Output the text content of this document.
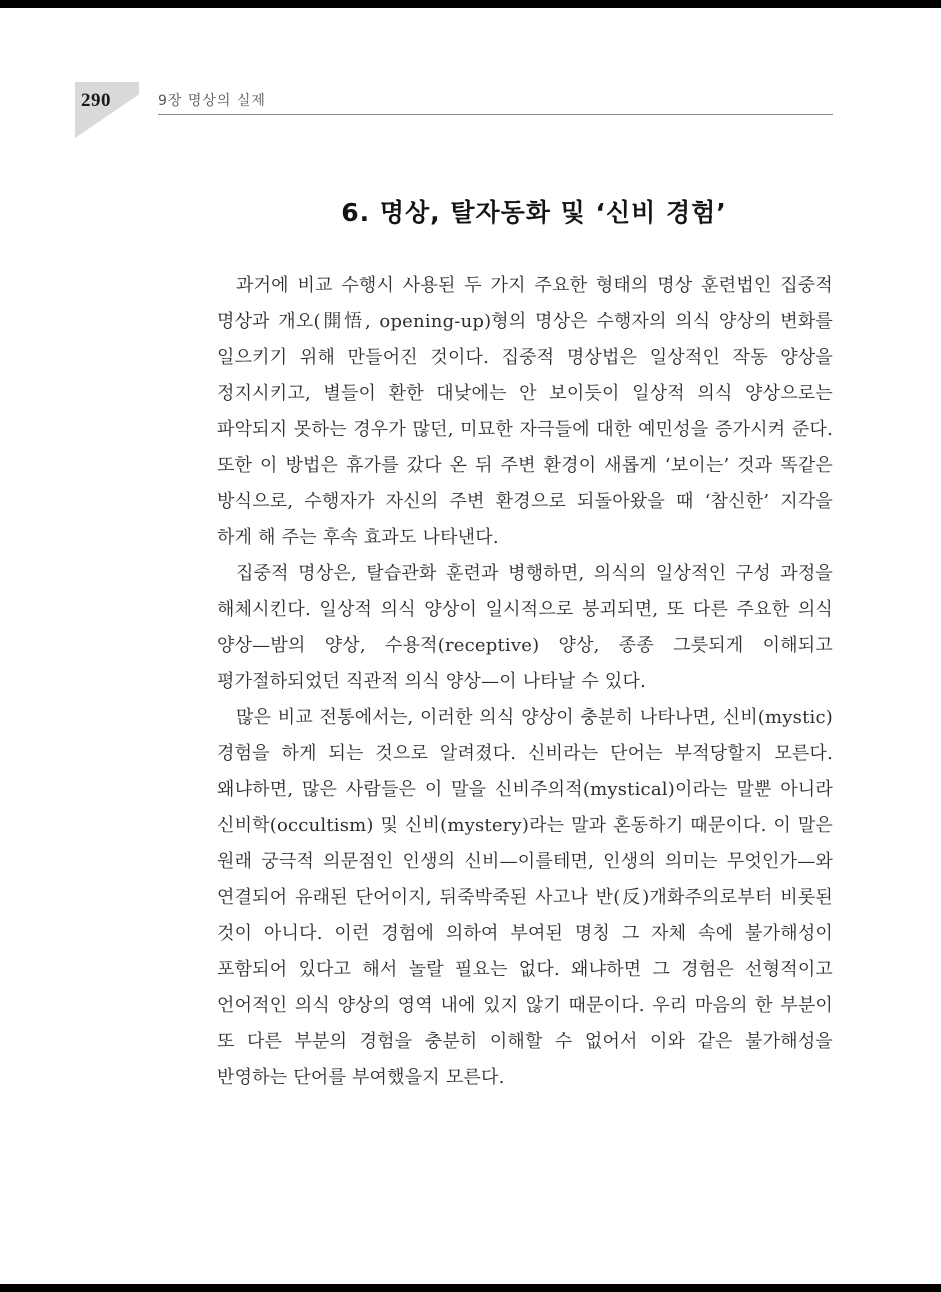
290	9장 명상의 실제
6. 명상, 탈자동화 및 ‘신비 경험’

과거에 비교 수행시 사용된 두 가지 주요한 형태의 명상 훈련법인 집중적 명상과 개오(開悟, opening-up)형의 명상은 수행자의 의식 양상의 변화를 일으키기 위해 만들어진 것이다. 집중적 명상법은 일상적인 작동 양상을 정지시키고, 별들이 환한 대낮에는 안 보이듯이 일상적 의식 양상으로는 파악되지 못하는 경우가 많던, 미묘한 자극들에 대한 예민성을 증가시켜 준다. 또한 이 방법은 휴가를 갔다 온 뒤 주변 환경이 새롭게 ‘보이는’ 것과 똑같은 방식으로, 수행자가 자신의 주변 환경으로 되돌아왔을 때 ‘참신한’ 지각을 하게 해 주는 후속 효과도 나타낸다.

집중적 명상은, 탈습관화 훈련과 병행하면, 의식의 일상적인 구성 과정을 해체시킨다. 일상적 의식 양상이 일시적으로 붕괴되면, 또 다른 주요한 의식 양상—밤의 양상, 수용적(receptive) 양상, 종종 그릇되게 이해되고 평가절하되었던 직관적 의식 양상—이 나타날 수 있다.

많은 비교 전통에서는, 이러한 의식 양상이 충분히 나타나면, 신비(mystic) 경험을 하게 되는 것으로 알려졌다. 신비라는 단어는 부적당할지 모른다. 왜냐하면, 많은 사람들은 이 말을 신비주의적(mystical)이라는 말뿐 아니라 신비학(occultism) 및 신비(mystery)라는 말과 혼동하기 때문이다. 이 말은 원래 궁극적 의문점인 인생의 신비—이를테면, 인생의 의미는 무엇인가—와 연결되어 유래된 단어이지, 뒤죽박죽된 사고나 반(反)개화주의로부터 비롯된 것이 아니다. 이런 경험에 의하여 부여된 명칭 그 자체 속에 불가해성이 포함되어 있다고 해서 놀랄 필요는 없다. 왜냐하면 그 경험은 선형적이고 언어적인 의식 양상의 영역 내에 있지 않기 때문이다. 우리 마음의 한 부분이 또 다른 부분의 경험을 충분히 이해할 수 없어서 이와 같은 불가해성을 반영하는 단어를 부여했을지 모른다.
